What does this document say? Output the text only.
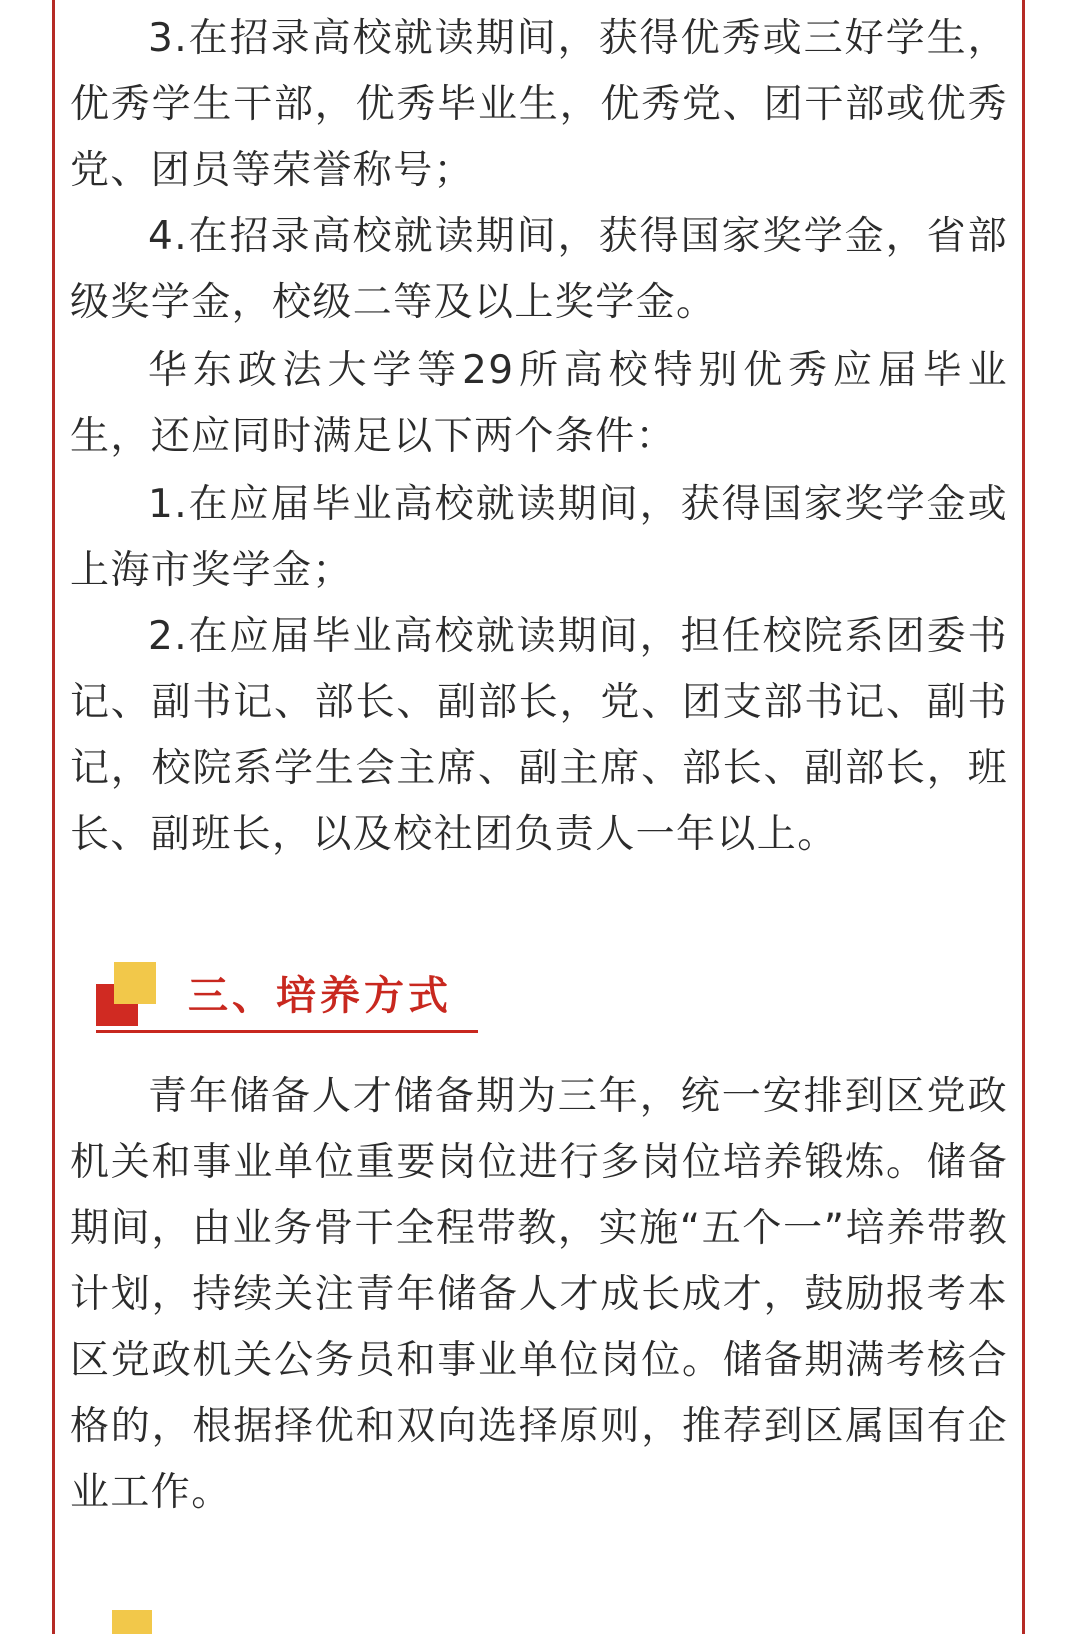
3.在招录高校就读期间，获得优秀或三好学生，优秀学生干部，优秀毕业生，优秀党、团干部或优秀党、团员等荣誉称号；

4.在招录高校就读期间，获得国家奖学金，省部级奖学金，校级二等及以上奖学金。

华东政法大学等29所高校特别优秀应届毕业生，还应同时满足以下两个条件：

1.在应届毕业高校就读期间，获得国家奖学金或上海市奖学金；

2.在应届毕业高校就读期间，担任校院系团委书记、副书记、部长、副部长，党、团支部书记、副书记，校院系学生会主席、副主席、部长、副部长，班长、副班长，以及校社团负责人一年以上。

三、培养方式

青年储备人才储备期为三年，统一安排到区党政机关和事业单位重要岗位进行多岗位培养锻炼。储备期间，由业务骨干全程带教，实施“五个一”培养带教计划，持续关注青年储备人才成长成才，鼓励报考本区党政机关公务员和事业单位岗位。储备期满考核合格的，根据择优和双向选择原则，推荐到区属国有企业工作。
